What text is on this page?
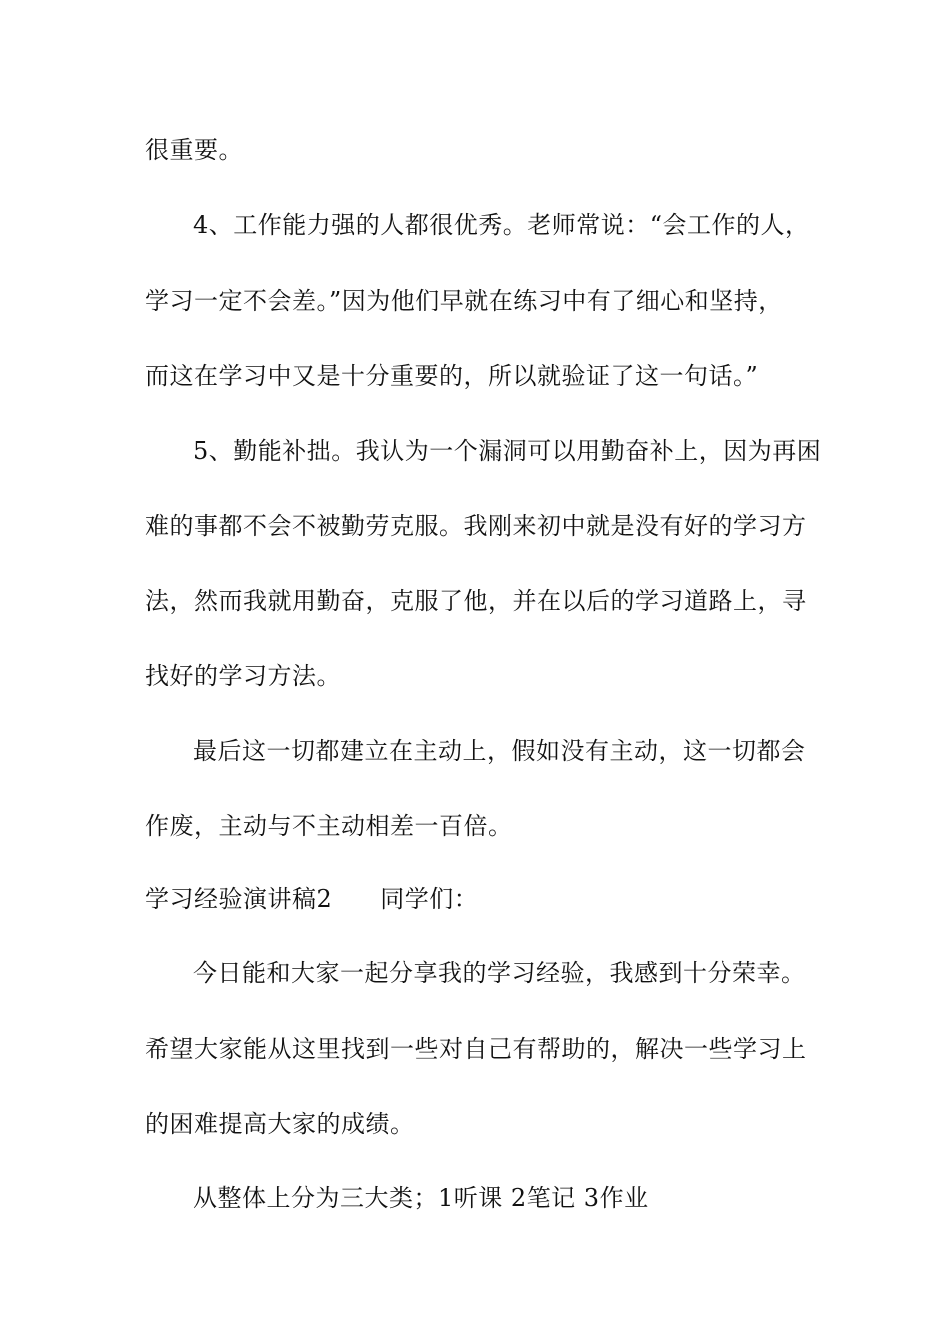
很重要。
4、工作能力强的人都很优秀。老师常说：“会工作的人，
学习一定不会差。”因为他们早就在练习中有了细心和坚持，
而这在学习中又是十分重要的，所以就验证了这一句话。”
5、勤能补拙。我认为一个漏洞可以用勤奋补上，因为再困
难的事都不会不被勤劳克服。我刚来初中就是没有好的学习方
法，然而我就用勤奋，克服了他，并在以后的学习道路上，寻
找好的学习方法。
最后这一切都建立在主动上，假如没有主动，这一切都会
作废，主动与不主动相差一百倍。
学习经验演讲稿2 同学们：
今日能和大家一起分享我的学习经验，我感到十分荣幸。
希望大家能从这里找到一些对自己有帮助的，解决一些学习上
的困难提高大家的成绩。
从整体上分为三大类；1听课 2笔记 3作业
